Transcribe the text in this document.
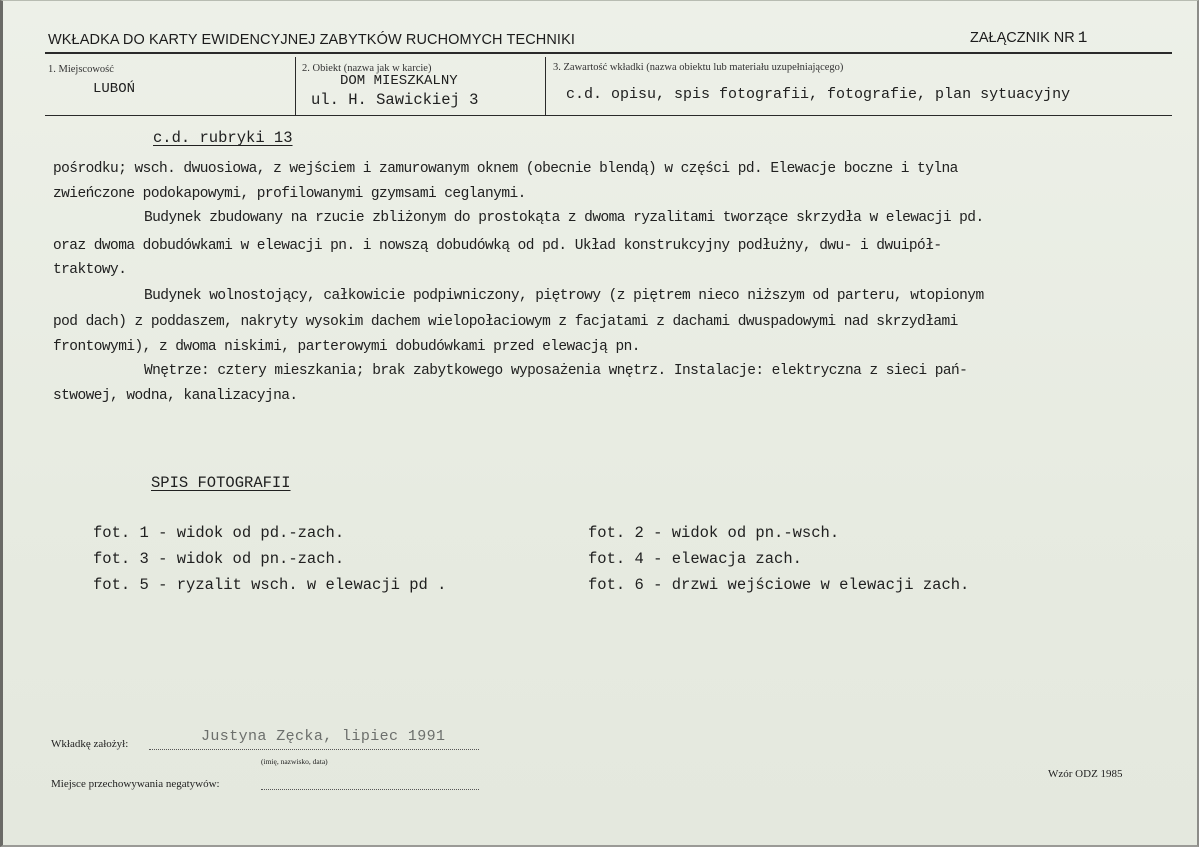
WKŁADKA DO KARTY EWIDENCYJNEJ ZABYTKÓW RUCHOMYCH TECHNIKI	ZAŁĄCZNIK NR 1
1. Miejscowość
LUBOŃ
2. Obiekt (nazwa jak w karcie)
DOM MIESZKALNY
ul. H. Sawickiej 3
3. Zawartość wkładki (nazwa obiektu lub materiału uzupełniającego)
c.d. opisu, spis fotografii, fotografie, plan sytuacyjny
c.d. rubryki 13

pośrodku; wsch. dwuosiowa, z wejściem i zamurowanym oknem (obecnie blendą) w części pd. Elewacje boczne i tylna

zwieńczone podokapowymi, profilowanymi gzymsami ceglanymi.

Budynek zbudowany na rzucie zbliżonym do prostokąta z dwoma ryzalitami tworzące skrzydła w elewacji pd.

oraz dwoma dobudówkami w elewacji pn. i nowszą dobudówką od pd. Układ konstrukcyjny podłużny, dwu- i dwuipół-

traktowy.

Budynek wolnostojący, całkowicie podpiwniczony, piętrowy (z piętrem nieco niższym od parteru, wtopionym

pod dach) z poddaszem, nakryty wysokim dachem wielopołaciowym z facjatami z dachami dwuspadowymi nad skrzydłami

frontowymi), z dwoma niskimi, parterowymi dobudówkami przed elewacją pn.

Wnętrze: cztery mieszkania; brak zabytkowego wyposażenia wnętrz. Instalacje: elektryczna z sieci pań-

stwowej, wodna, kanalizacyjna.

SPIS FOTOGRAFII
fot. 1 - widok od pd.-zach.	fot. 2 - widok od pn.-wsch.
fot. 3 - widok od pn.-zach.	fot. 4 - elewacja zach.
fot. 5 - ryzalit wsch. w elewacji pd .	fot. 6 - drzwi wejściowe w elewacji zach.
Wkładkę założył:	Justyna Zęcka, lipiec 1991
(imię, nazwisko, data)
Miejsce przechowywania negatywów:
Wzór ODZ 1985
